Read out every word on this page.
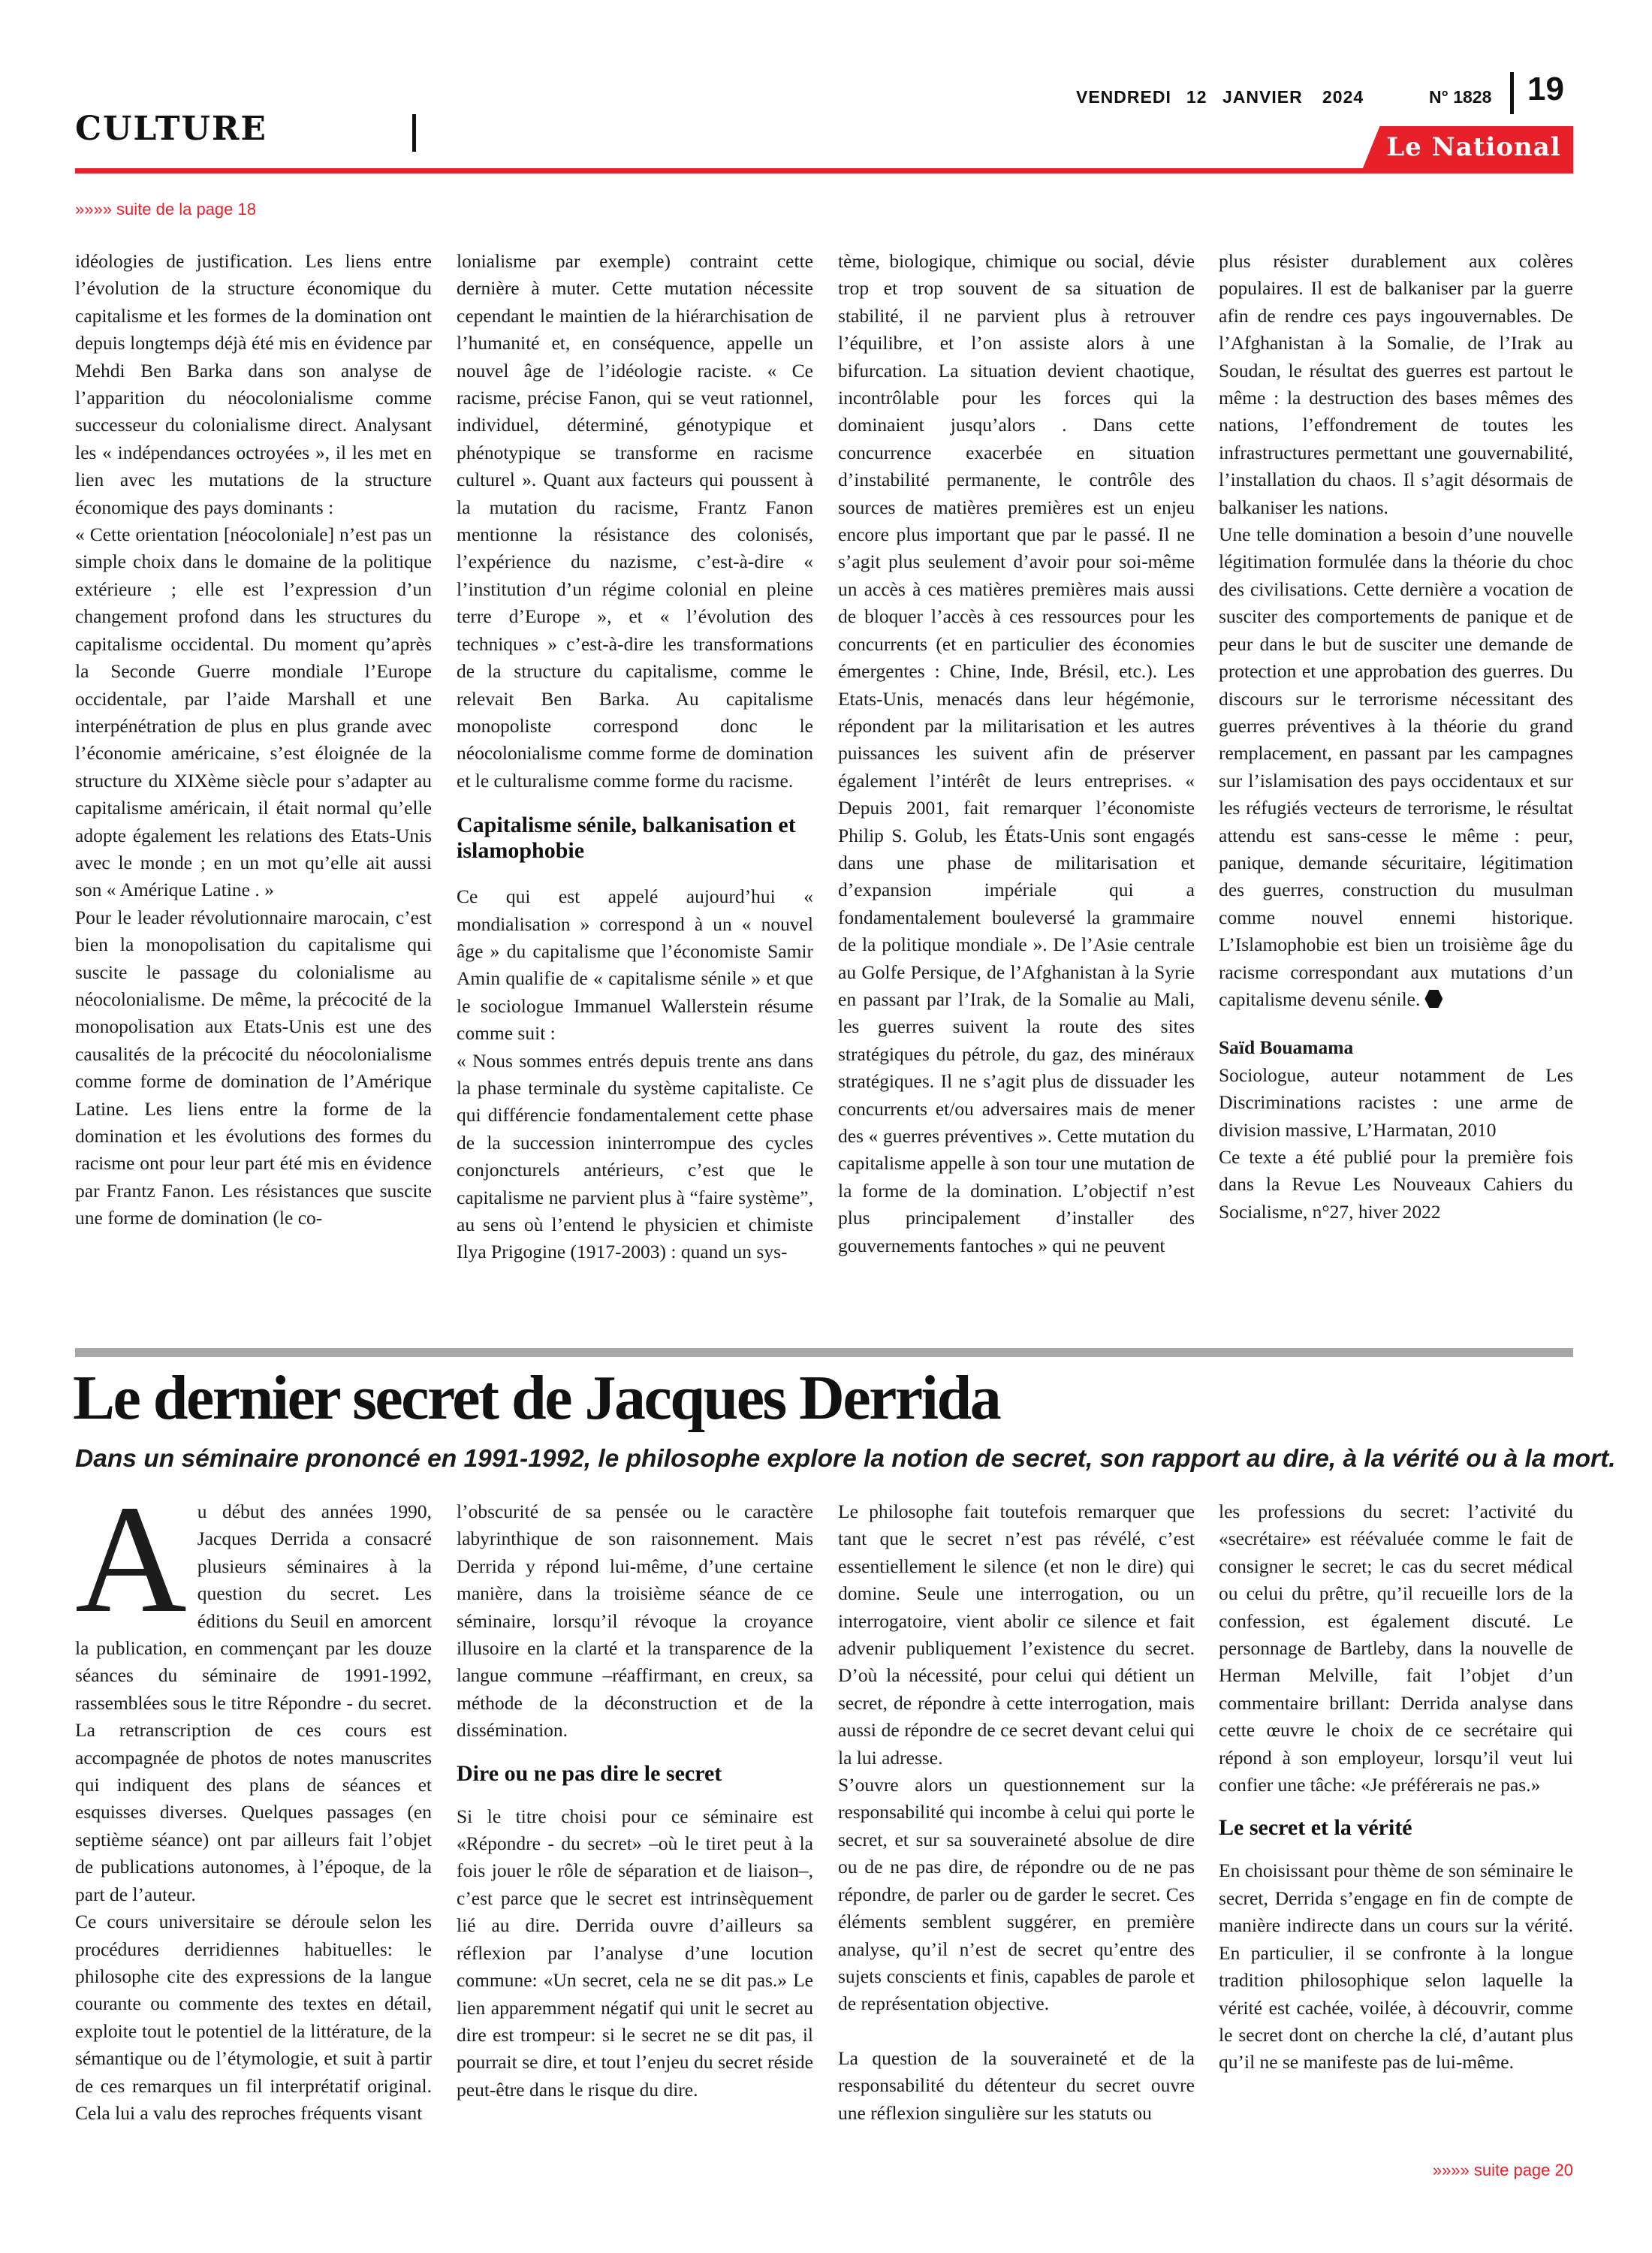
CULTURE
VENDREDI 12 JANVIER 2024	N° 1828 19
Le National
»»»» suite de la page 18

idéologies de justification. Les liens entre l’évolution de la structure économique du capitalisme et les formes de la domination ont depuis longtemps déjà été mis en évidence par Mehdi Ben Barka dans son analyse de l’apparition du néocolonialisme comme successeur du colonialisme direct. Analysant les « indépendances octroyées », il les met en lien avec les mutations de la structure économique des pays dominants :

« Cette orientation [néocoloniale] n’est pas un simple choix dans le domaine de la politique extérieure ; elle est l’expression d’un changement profond dans les structures du capitalisme occidental. Du moment qu’après la Seconde Guerre mondiale l’Europe occidentale, par l’aide Marshall et une interpénétration de plus en plus grande avec l’économie américaine, s’est éloignée de la structure du XIXème siècle pour s’adapter au capitalisme américain, il était normal qu’elle adopte également les relations des Etats-Unis avec le monde ; en un mot qu’elle ait aussi son « Amérique Latine . »

Pour le leader révolutionnaire marocain, c’est bien la monopolisation du capitalisme qui suscite le passage du colonialisme au néocolonialisme. De même, la précocité de la monopolisation aux Etats-Unis est une des causalités de la précocité du néocolonialisme comme forme de domination de l’Amérique Latine. Les liens entre la forme de la domination et les évolutions des formes du racisme ont pour leur part été mis en évidence par Frantz Fanon. Les résistances que suscite une forme de domination (le co-

lonialisme par exemple) contraint cette dernière à muter. Cette mutation nécessite cependant le maintien de la hiérarchisation de l’humanité et, en conséquence, appelle un nouvel âge de l’idéologie raciste. « Ce racisme, précise Fanon, qui se veut rationnel, individuel, déterminé, génotypique et phénotypique se transforme en racisme culturel ». Quant aux facteurs qui poussent à la mutation du racisme, Frantz Fanon mentionne la résistance des colonisés, l’expérience du nazisme, c’est-à-dire « l’institution d’un régime colonial en pleine terre d’Europe », et « l’évolution des techniques » c’est-à-dire les transformations de la structure du capitalisme, comme le relevait Ben Barka. Au capitalisme monopoliste correspond donc le néocolonialisme comme forme de domination et le culturalisme comme forme du racisme.

Capitalisme sénile, balkanisation et islamophobie

Ce qui est appelé aujourd’hui « mondialisation » correspond à un « nouvel âge » du capitalisme que l’économiste Samir Amin qualifie de « capitalisme sénile » et que le sociologue Immanuel Wallerstein résume comme suit :

« Nous sommes entrés depuis trente ans dans la phase terminale du système capitaliste. Ce qui différencie fondamentalement cette phase de la succession ininterrompue des cycles conjoncturels antérieurs, c’est que le capitalisme ne parvient plus à “faire système”, au sens où l’entend le physicien et chimiste Ilya Prigogine (1917-2003) : quand un sys-

tème, biologique, chimique ou social, dévie trop et trop souvent de sa situation de stabilité, il ne parvient plus à retrouver l’équilibre, et l’on assiste alors à une bifurcation. La situation devient chaotique, incontrôlable pour les forces qui la dominaient jusqu’alors . Dans cette concurrence exacerbée en situation d’instabilité permanente, le contrôle des sources de matières premières est un enjeu encore plus important que par le passé. Il ne s’agit plus seulement d’avoir pour soi-même un accès à ces matières premières mais aussi de bloquer l’accès à ces ressources pour les concurrents (et en particulier des économies émergentes : Chine, Inde, Brésil, etc.). Les Etats-Unis, menacés dans leur hégémonie, répondent par la militarisation et les autres puissances les suivent afin de préserver également l’intérêt de leurs entreprises. « Depuis 2001, fait remarquer l’économiste Philip S. Golub, les États-Unis sont engagés dans une phase de militarisation et d’expansion impériale qui a fondamentalement bouleversé la grammaire de la politique mondiale ». De l’Asie centrale au Golfe Persique, de l’Afghanistan à la Syrie en passant par l’Irak, de la Somalie au Mali, les guerres suivent la route des sites stratégiques du pétrole, du gaz, des minéraux stratégiques. Il ne s’agit plus de dissuader les concurrents et/ou adversaires mais de mener des « guerres préventives ». Cette mutation du capitalisme appelle à son tour une mutation de la forme de la domination. L’objectif n’est plus principalement d’installer des gouvernements fantoches » qui ne peuvent

plus résister durablement aux colères populaires. Il est de balkaniser par la guerre afin de rendre ces pays ingouvernables. De l’Afghanistan à la Somalie, de l’Irak au Soudan, le résultat des guerres est partout le même : la destruction des bases mêmes des nations, l’effondrement de toutes les infrastructures permettant une gouvernabilité, l’installation du chaos. Il s’agit désormais de balkaniser les nations.

Une telle domination a besoin d’une nouvelle légitimation formulée dans la théorie du choc des civilisations. Cette dernière a vocation de susciter des comportements de panique et de peur dans le but de susciter une demande de protection et une approbation des guerres. Du discours sur le terrorisme nécessitant des guerres préventives à la théorie du grand remplacement, en passant par les campagnes sur l’islamisation des pays occidentaux et sur les réfugiés vecteurs de terrorisme, le résultat attendu est sans-cesse le même : peur, panique, demande sécuritaire, légitimation des guerres, construction du musulman comme nouvel ennemi historique. L’Islamophobie est bien un troisième âge du racisme correspondant aux mutations d’un capitalisme devenu sénile.

Saïd Bouamama

Sociologue, auteur notamment de Les Discriminations racistes : une arme de division massive, L’Harmatan, 2010

Ce texte a été publié pour la première fois dans la Revue Les Nouveaux Cahiers du Socialisme, n°27, hiver 2022

Le dernier secret de Jacques Derrida
Dans un séminaire prononcé en 1991-1992, le philosophe explore la notion de secret, son rapport au dire, à la vérité ou à la mort.

Au début des années 1990, Jacques Derrida a consacré plusieurs séminaires à la question du secret. Les éditions du Seuil en amorcent la publication, en commençant par les douze séances du séminaire de 1991-1992, rassemblées sous le titre Répondre - du secret. La retranscription de ces cours est accompagnée de photos de notes manuscrites qui indiquent des plans de séances et esquisses diverses. Quelques passages (en septième séance) ont par ailleurs fait l’objet de publications autonomes, à l’époque, de la part de l’auteur.

Ce cours universitaire se déroule selon les procédures derridiennes habituelles: le philosophe cite des expressions de la langue courante ou commente des textes en détail, exploite tout le potentiel de la littérature, de la sémantique ou de l’étymologie, et suit à partir de ces remarques un fil interprétatif original. Cela lui a valu des reproches fréquents visant

l’obscurité de sa pensée ou le caractère labyrinthique de son raisonnement. Mais Derrida y répond lui-même, d’une certaine manière, dans la troisième séance de ce séminaire, lorsqu’il révoque la croyance illusoire en la clarté et la transparence de la langue commune –réaffirmant, en creux, sa méthode de la déconstruction et de la dissémination.

Dire ou ne pas dire le secret

Si le titre choisi pour ce séminaire est «Répondre - du secret» –où le tiret peut à la fois jouer le rôle de séparation et de liaison–, c’est parce que le secret est intrinsèquement lié au dire. Derrida ouvre d’ailleurs sa réflexion par l’analyse d’une locution commune: «Un secret, cela ne se dit pas.» Le lien apparemment négatif qui unit le secret au dire est trompeur: si le secret ne se dit pas, il pourrait se dire, et tout l’enjeu du secret réside peut-être dans le risque du dire.

Le philosophe fait toutefois remarquer que tant que le secret n’est pas révélé, c’est essentiellement le silence (et non le dire) qui domine. Seule une interrogation, ou un interrogatoire, vient abolir ce silence et fait advenir publiquement l’existence du secret. D’où la nécessité, pour celui qui détient un secret, de répondre à cette interrogation, mais aussi de répondre de ce secret devant celui qui la lui adresse.

S’ouvre alors un questionnement sur la responsabilité qui incombe à celui qui porte le secret, et sur sa souveraineté absolue de dire ou de ne pas dire, de répondre ou de ne pas répondre, de parler ou de garder le secret. Ces éléments semblent suggérer, en première analyse, qu’il n’est de secret qu’entre des sujets conscients et finis, capables de parole et de représentation objective.

La question de la souveraineté et de la responsabilité du détenteur du secret ouvre une réflexion singulière sur les statuts ou

les professions du secret: l’activité du «secrétaire» est réévaluée comme le fait de consigner le secret; le cas du secret médical ou celui du prêtre, qu’il recueille lors de la confession, est également discuté. Le personnage de Bartleby, dans la nouvelle de Herman Melville, fait l’objet d’un commentaire brillant: Derrida analyse dans cette œuvre le choix de ce secrétaire qui répond à son employeur, lorsqu’il veut lui confier une tâche: «Je préférerais ne pas.»

Le secret et la vérité

En choisissant pour thème de son séminaire le secret, Derrida s’engage en fin de compte de manière indirecte dans un cours sur la vérité. En particulier, il se confronte à la longue tradition philosophique selon laquelle la vérité est cachée, voilée, à découvrir, comme le secret dont on cherche la clé, d’autant plus qu’il ne se manifeste pas de lui-même.

»»»» suite page 20
